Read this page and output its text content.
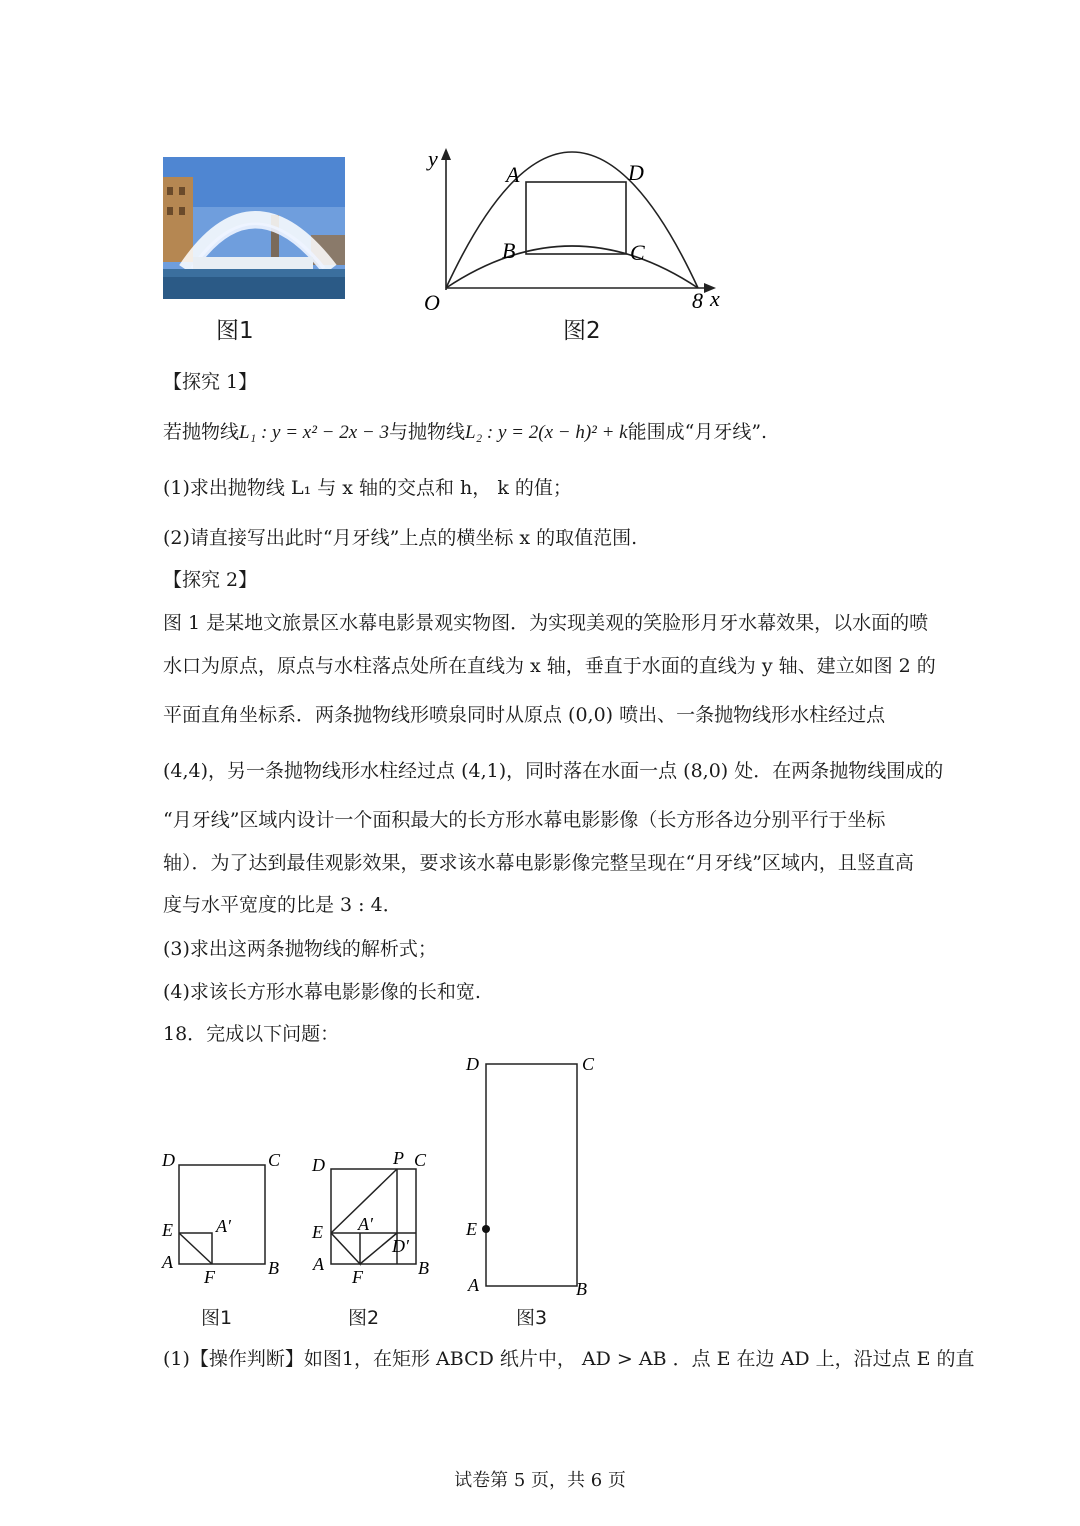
图1
y
x
O	8
A	D
B	C
图2
【探究 1】
若抛物线L₁ : y = x² − 2x − 3与抛物线L₂ : y = 2(x − h)² + k能围成“月牙线”.
(1)求出抛物线 L₁ 与 x 轴的交点和 h， k 的值；
(2)请直接写出此时“月牙线”上点的横坐标 x 的取值范围.
【探究 2】
图 1 是某地文旅景区水幕电影景观实物图．为实现美观的笑脸形月牙水幕效果，以水面的喷
水口为原点，原点与水柱落点处所在直线为 x 轴，垂直于水面的直线为 y 轴、建立如图 2 的
平面直角坐标系．两条抛物线形喷泉同时从原点 (0,0) 喷出、一条抛物线形水柱经过点
(4,4)，另一条抛物线形水柱经过点 (4,1)，同时落在水面一点 (8,0) 处．在两条抛物线围成的
“月牙线”区域内设计一个面积最大的长方形水幕电影影像（长方形各边分别平行于坐标
轴）．为了达到最佳观影效果，要求该水幕电影影像完整呈现在“月牙线”区域内，且竖直高
度与水平宽度的比是 3 : 4．
(3)求出这两条抛物线的解析式；
(4)求该长方形水幕电影影像的长和宽.
18．完成以下问题：
D	C
E A′
A
F	B
图1
D	P C
E A′
D′
A
F	B
图2
D	C
E
A	B
图3
(1)【操作判断】如图1，在矩形 ABCD 纸片中， AD > AB ．点 E 在边 AD 上，沿过点 E 的直
试卷第 5 页，共 6 页
